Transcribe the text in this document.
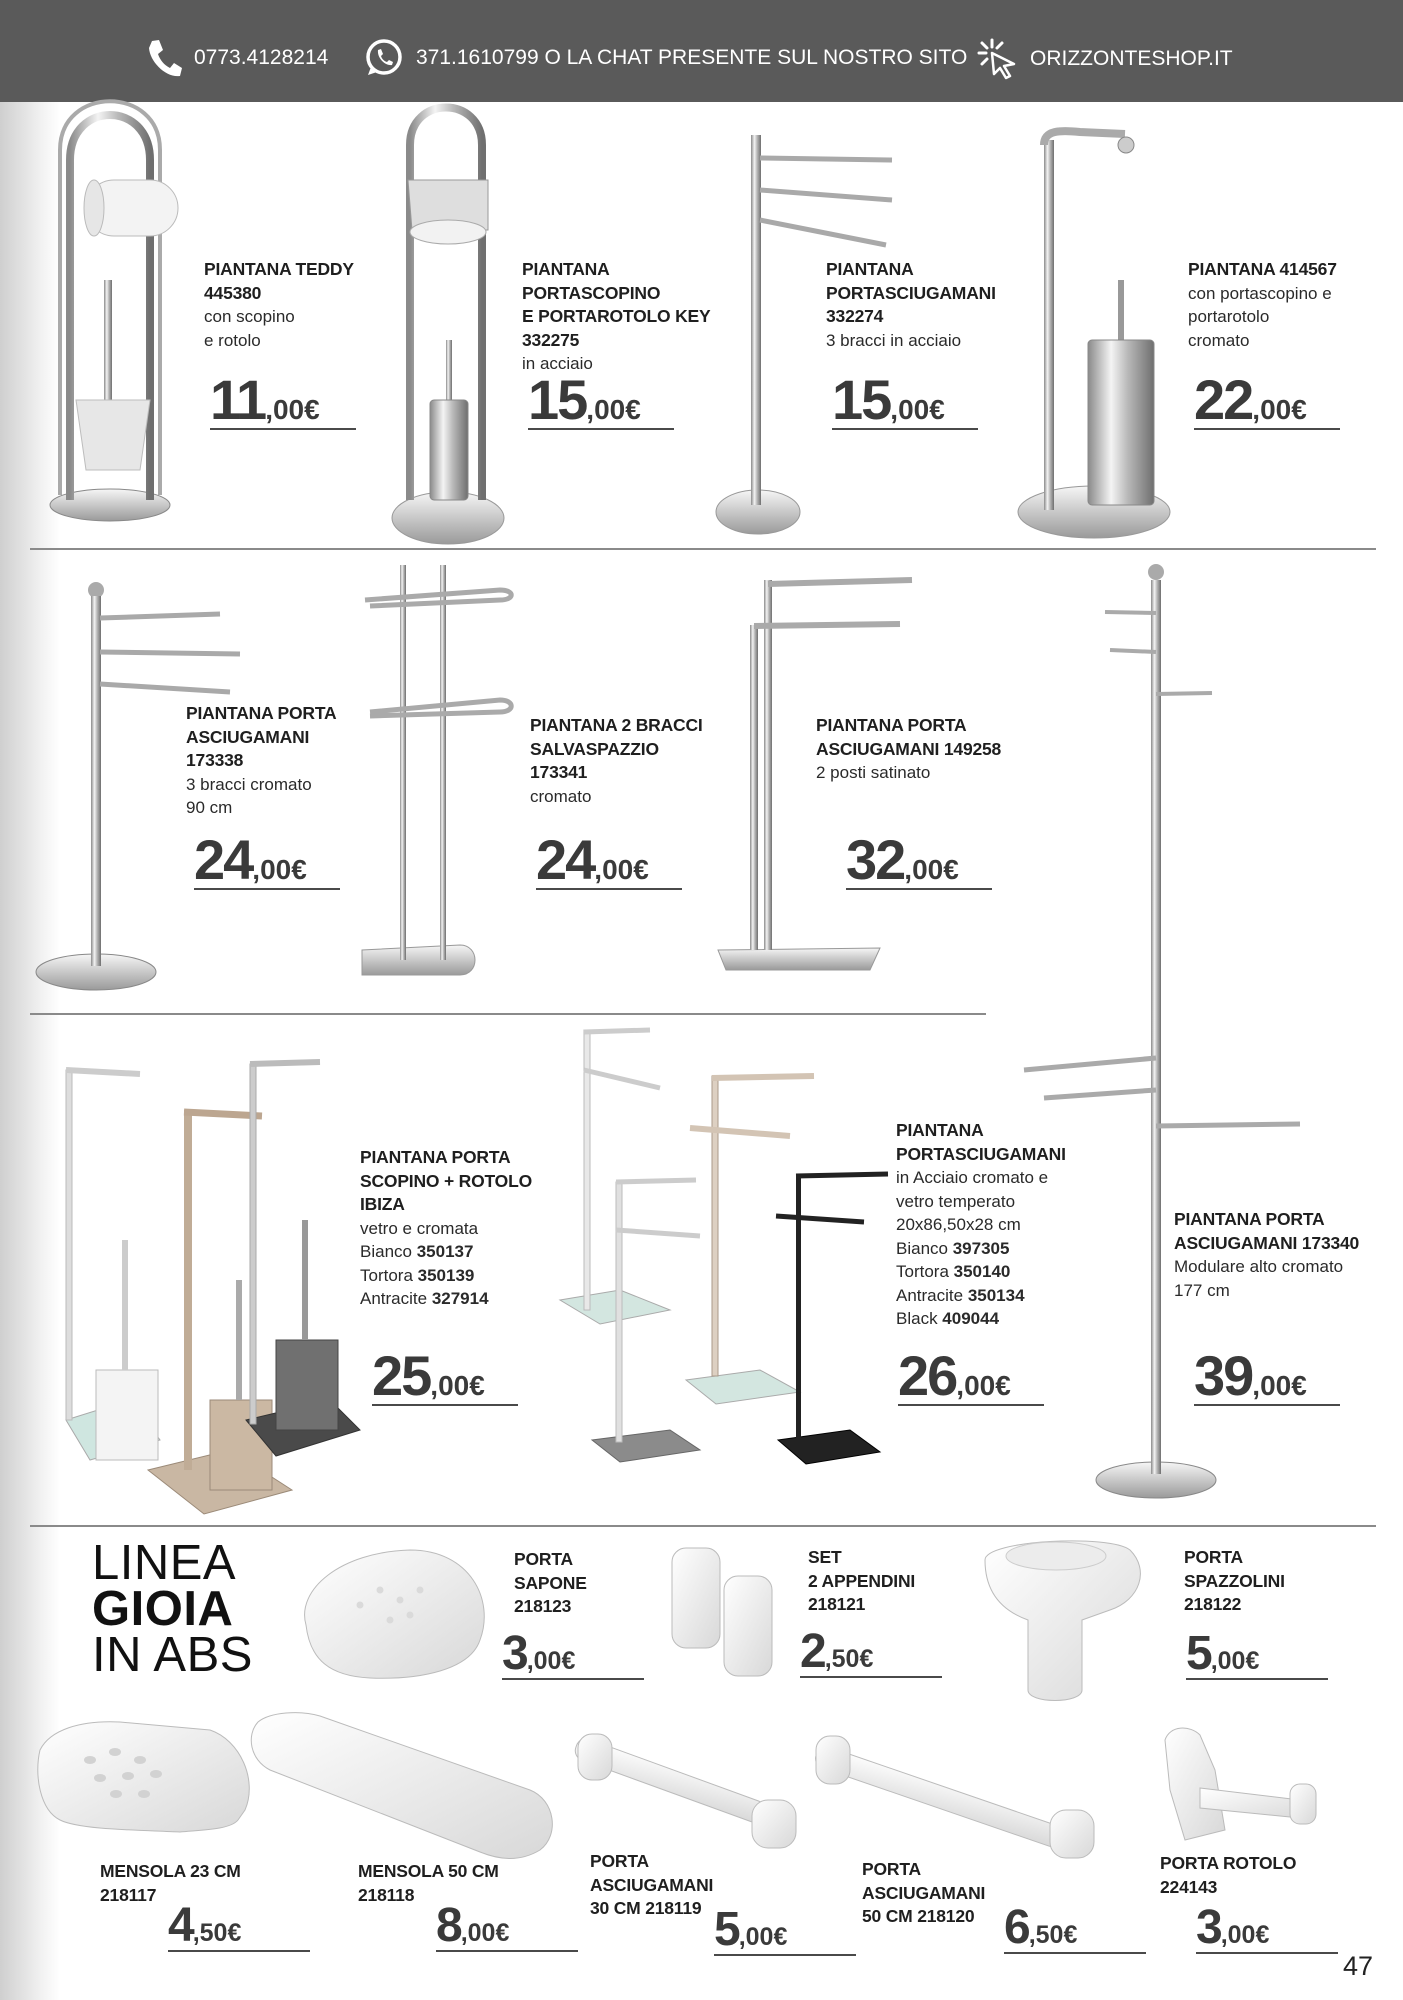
0773.4128214	371.1610799 O LA CHAT PRESENTE SUL NOSTRO SITO	ORIZZONTESHOP.IT
PIANTANA TEDDY
445380
con scopino
e rotolo
11,00€
PIANTANA
PORTASCOPINO
E PORTAROTOLO KEY
332275
in acciaio
15,00€
PIANTANA
PORTASCIUGAMANI
332274
3 bracci in acciaio
15,00€
PIANTANA 414567
con portascopino e
portarotolo
cromato
22,00€
PIANTANA PORTA
ASCIUGAMANI
173338
3 bracci cromato
90 cm
24,00€
PIANTANA 2 BRACCI
SALVASPAZZIO
173341
cromato
24,00€
PIANTANA PORTA
ASCIUGAMANI 149258
2 posti satinato
32,00€
PIANTANA PORTA
SCOPINO + ROTOLO
IBIZA
vetro e cromata
Bianco 350137
Tortora 350139
Antracite 327914
25,00€
PIANTANA
PORTASCIUGAMANI
in Acciaio cromato e
vetro temperato
20x86,50x28 cm
Bianco 397305
Tortora 350140
Antracite 350134
Black 409044
26,00€
PIANTANA PORTA
ASCIUGAMANI 173340
Modulare alto cromato
177 cm
39,00€
LINEA
GIOIA
IN ABS
PORTA
SAPONE
218123
3,00€
SET
2 APPENDINI
218121
2,50€
PORTA
SPAZZOLINI
218122
5,00€
MENSOLA 23 CM
218117
4,50€
MENSOLA 50 CM
218118
8,00€
PORTA
ASCIUGAMANI
30 CM 218119 5,00€
PORTA
ASCIUGAMANI
50 CM 218120 6,50€
PORTA ROTOLO
224143
3,00€
47
